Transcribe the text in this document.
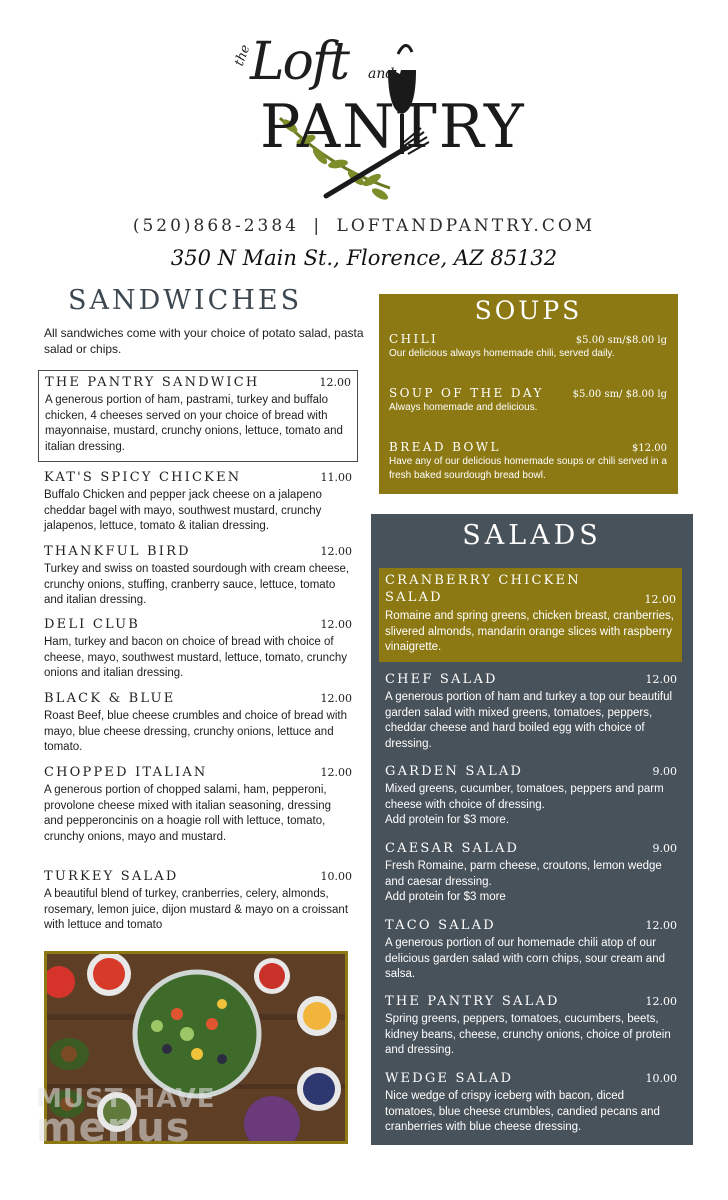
the
Loft and
PANTRY
(520)868-2384 | LOFTANDPANTRY.COM
350 N Main St., Florence, AZ 85132
SANDWICHES
All sandwiches come with your choice of potato salad, pasta salad or chips.
THE PANTRY SANDWICH	12.00
A generous portion of ham, pastrami, turkey and buffalo chicken, 4 cheeses served on your choice of bread with mayonnaise, mustard, crunchy onions, lettuce, tomato and italian dressing.
KAT'S SPICY CHICKEN	11.00
Buffalo Chicken and pepper jack cheese on a jalapeno cheddar bagel with mayo, southwest mustard, crunchy jalapenos, lettuce, tomato & italian dressing.
THANKFUL BIRD	12.00
Turkey and swiss on toasted sourdough with cream cheese, crunchy onions, stuffing, cranberry sauce, lettuce, tomato and italian dressing.
DELI CLUB	12.00
Ham, turkey and bacon on choice of bread with choice of cheese, mayo, southwest mustard, lettuce, tomato, crunchy onions and italian dressing.
BLACK & BLUE	12.00
Roast Beef, blue cheese crumbles and choice of bread with mayo, blue cheese dressing, crunchy onions, lettuce and tomato.
CHOPPED ITALIAN	12.00
A generous portion of chopped salami, ham, pepperoni, provolone cheese mixed with italian seasoning, dressing and pepperoncinis on a hoagie roll with lettuce, tomato, crunchy onions, mayo and mustard.
TURKEY SALAD	10.00
A beautiful blend of turkey, cranberries, celery, almonds, rosemary, lemon juice, dijon mustard & mayo on a croissant with lettuce and tomato
MUST HAVE
menus
SOUPS
CHILI	$5.00 sm/$8.00 lg
Our delicious always homemade chili, served daily.
SOUP OF THE DAY	$5.00 sm/ $8.00 lg
Always homemade and delicious.
BREAD BOWL	$12.00
Have any of our delicious homemade soups or chili served in a fresh baked sourdough bread bowl.
SALADS
CRANBERRY CHICKEN SALAD	12.00
Romaine and spring greens, chicken breast, cranberries, slivered almonds, mandarin orange slices with raspberry vinaigrette.
CHEF SALAD	12.00
A generous portion of ham and turkey a top our beautiful garden salad with mixed greens, tomatoes, peppers, cheddar cheese and hard boiled egg with choice of dressing.
GARDEN SALAD	9.00
Mixed greens, cucumber, tomatoes, peppers and parm cheese with choice of dressing.
Add protein for $3 more.
CAESAR SALAD	9.00
Fresh Romaine, parm cheese, croutons, lemon wedge and caesar dressing.
Add protein for $3 more
TACO SALAD	12.00
A generous portion of our homemade chili atop of our delicious garden salad with corn chips, sour cream and salsa.
THE PANTRY SALAD	12.00
Spring greens, peppers, tomatoes, cucumbers, beets, kidney beans, cheese, crunchy onions, choice of protein and dressing.
WEDGE SALAD	10.00
Nice wedge of crispy iceberg with bacon, diced tomatoes, blue cheese crumbles, candied pecans and cranberries with blue cheese dressing.
